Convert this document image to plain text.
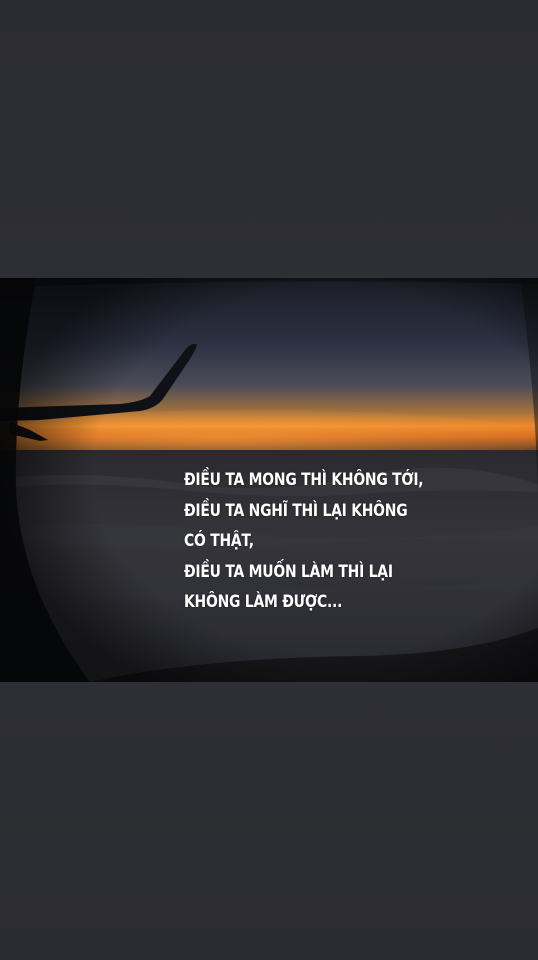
ĐIỀU TA MONG THÌ KHÔNG TỚI,
ĐIỀU TA NGHĨ THÌ LẠI KHÔNG
CÓ THẬT,
ĐIỀU TA MUỐN LÀM THÌ LẠI
KHÔNG LÀM ĐƯỢC...
